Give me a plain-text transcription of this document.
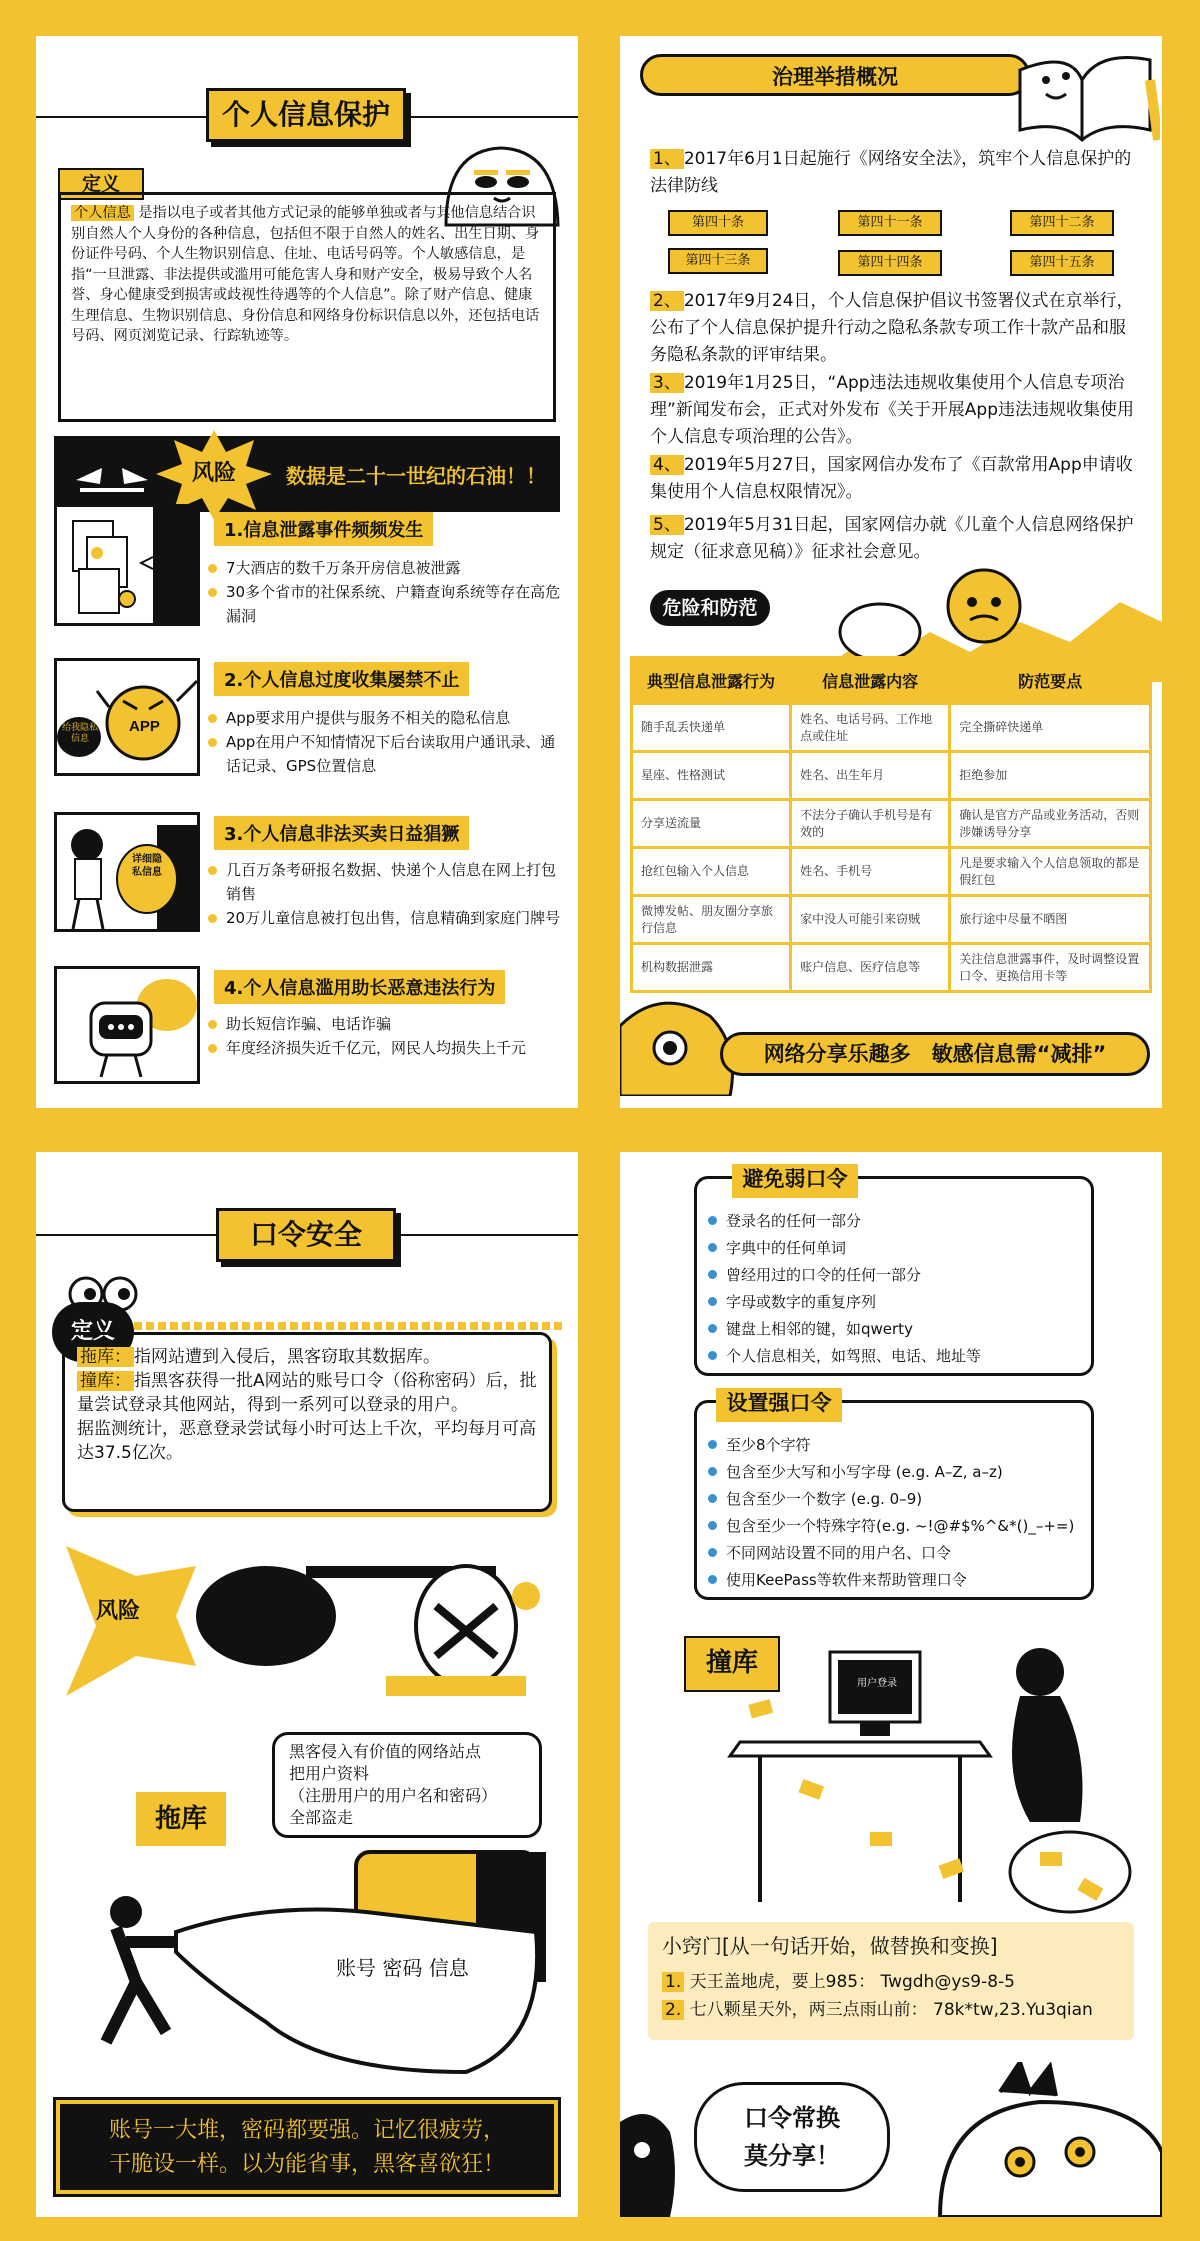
个人信息保护
定义
个人信息 是指以电子或者其他方式记录的能够单独或者与其他信息结合识别自然人个人身份的各种信息，包括但不限于自然人的姓名、出生日期、身份证件号码、个人生物识别信息、住址、电话号码等。个人敏感信息，是指“一旦泄露、非法提供或滥用可能危害人身和财产安全，极易导致个人名誉、身心健康受到损害或歧视性待遇等的个人信息”。除了财产信息、健康生理信息、生物识别信息、身份信息和网络身份标识信息以外，还包括电话号码、网页浏览记录、行踪轨迹等。
风险	数据是二十一世纪的石油！！
1.信息泄露事件频频发生
7大酒店的数千万条开房信息被泄露
30多个省市的社保系统、户籍查询系统等存在高危漏洞
APP
给我隐私信息
2.个人信息过度收集屡禁不止
App要求用户提供与服务不相关的隐私信息
App在用户不知情情况下后台读取用户通讯录、通话记录、GPS位置信息
详细隐私信息
3.个人信息非法买卖日益猖獗
几百万条考研报名数据、快递个人信息在网上打包销售
20万儿童信息被打包出售，信息精确到家庭门牌号
4.个人信息滥用助长恶意违法行为
助长短信诈骗、电话诈骗
年度经济损失近千亿元，网民人均损失上千元
治理举措概况
1、 2017年6月1日起施行《网络安全法》，筑牢个人信息保护的法律防线
第四十条	第四十一条	第四十二条
第四十三条	第四十四条	第四十五条
2、 2017年9月24日，个人信息保护倡议书签署仪式在京举行，公布了个人信息保护提升行动之隐私条款专项工作十款产品和服务隐私条款的评审结果。
3、 2019年1月25日，“App违法违规收集使用个人信息专项治理”新闻发布会，正式对外发布《关于开展App违法违规收集使用个人信息专项治理的公告》。
4、 2019年5月27日，国家网信办发布了《百款常用App申请收集使用个人信息权限情况》。
5、 2019年5月31日起，国家网信办就《儿童个人信息网络保护规定（征求意见稿）》征求社会意见。
危险和防范
典型信息泄露行为	信息泄露内容	防范要点
随手乱丢快递单	姓名、电话号码、工作地点或住址	完全撕碎快递单
星座、性格测试	姓名、出生年月	拒绝参加
分享送流量	不法分子确认手机号是有效的	确认是官方产品或业务活动，否则涉嫌诱导分享
抢红包输入个人信息	姓名、手机号	凡是要求输入个人信息领取的都是假红包
微博发帖、朋友圈分享旅行信息	家中没人可能引来窃贼	旅行途中尽量不晒图
机构数据泄露	账户信息、医疗信息等	关注信息泄露事件，及时调整设置口令、更换信用卡等
网络分享乐趣多　敏感信息需“减排”
口令安全
定义
拖库： 指网站遭到入侵后，黑客窃取其数据库。
撞库： 指黑客获得一批A网站的账号口令（俗称密码）后，批量尝试登录其他网站，得到一系列可以登录的用户。
据监测统计，恶意登录尝试每小时可达上千次，平均每月可高达37.5亿次。
风险
拖库
黑客侵入有价值的网络站点
把用户资料
（注册用户的用户名和密码）
全部盗走
账号 密码 信息
账号一大堆，密码都要强。记忆很疲劳，
干脆设一样。以为能省事，黑客喜欲狂！
避免弱口令
登录名的任何一部分
字典中的任何单词
曾经用过的口令的任何一部分
字母或数字的重复序列
键盘上相邻的键，如qwerty
个人信息相关，如驾照、电话、地址等
设置强口令
至少8个字符
包含至少大写和小写字母 (e.g. A–Z, a–z)
包含至少一个数字 (e.g. 0–9)
包含至少一个特殊字符(e.g. ~!@#$%^&*()_–+=)
不同网站设置不同的用户名、口令
使用KeePass等软件来帮助管理口令
撞库
用户登录
小窍门[从一句话开始，做替换和变换]
1. 天王盖地虎，要上985： Twgdh@ys9-8-5
2. 七八颗星天外，两三点雨山前： 78k*tw,23.Yu3qian
口令常换
莫分享！
